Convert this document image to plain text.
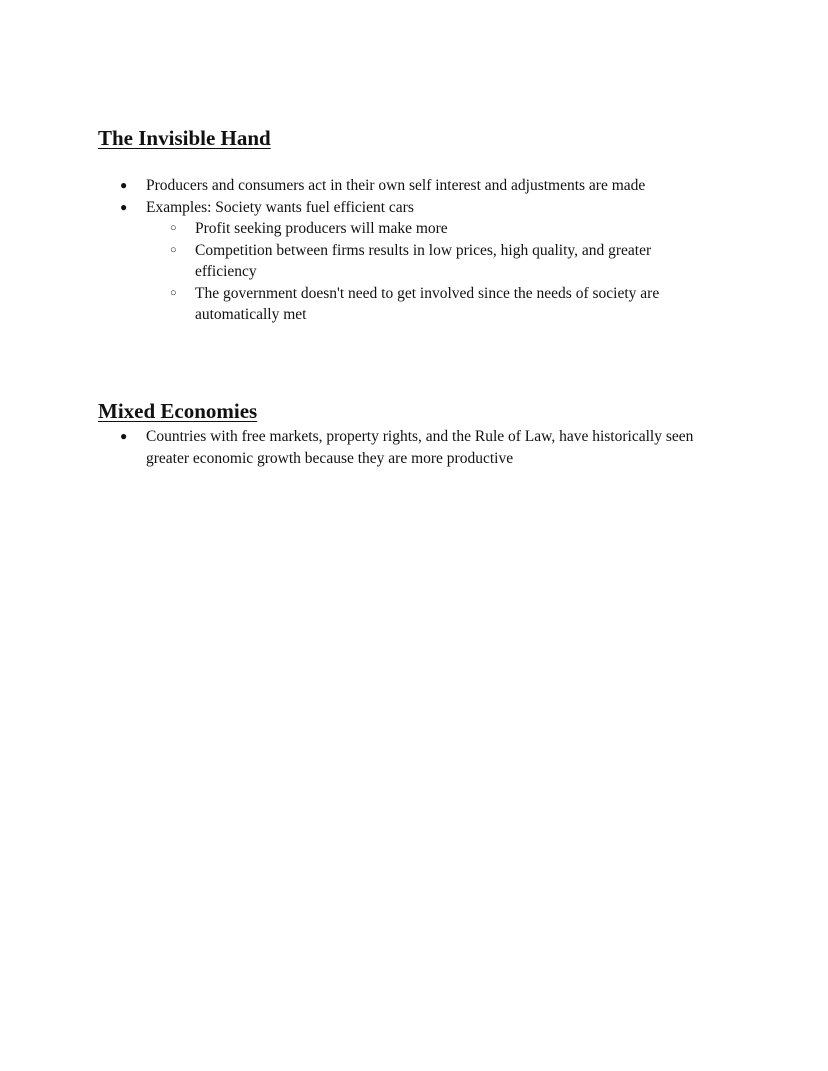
The Invisible Hand
● Producers and consumers act in their own self interest and adjustments are made
● Examples: Society wants fuel efficient cars
○ Profit seeking producers will make more
○ Competition between firms results in low prices, high quality, and greater efficiency
○ The government doesn't need to get involved since the needs of society are automatically met
Mixed Economies
● Countries with free markets, property rights, and the Rule of Law, have historically seen greater economic growth because they are more productive
